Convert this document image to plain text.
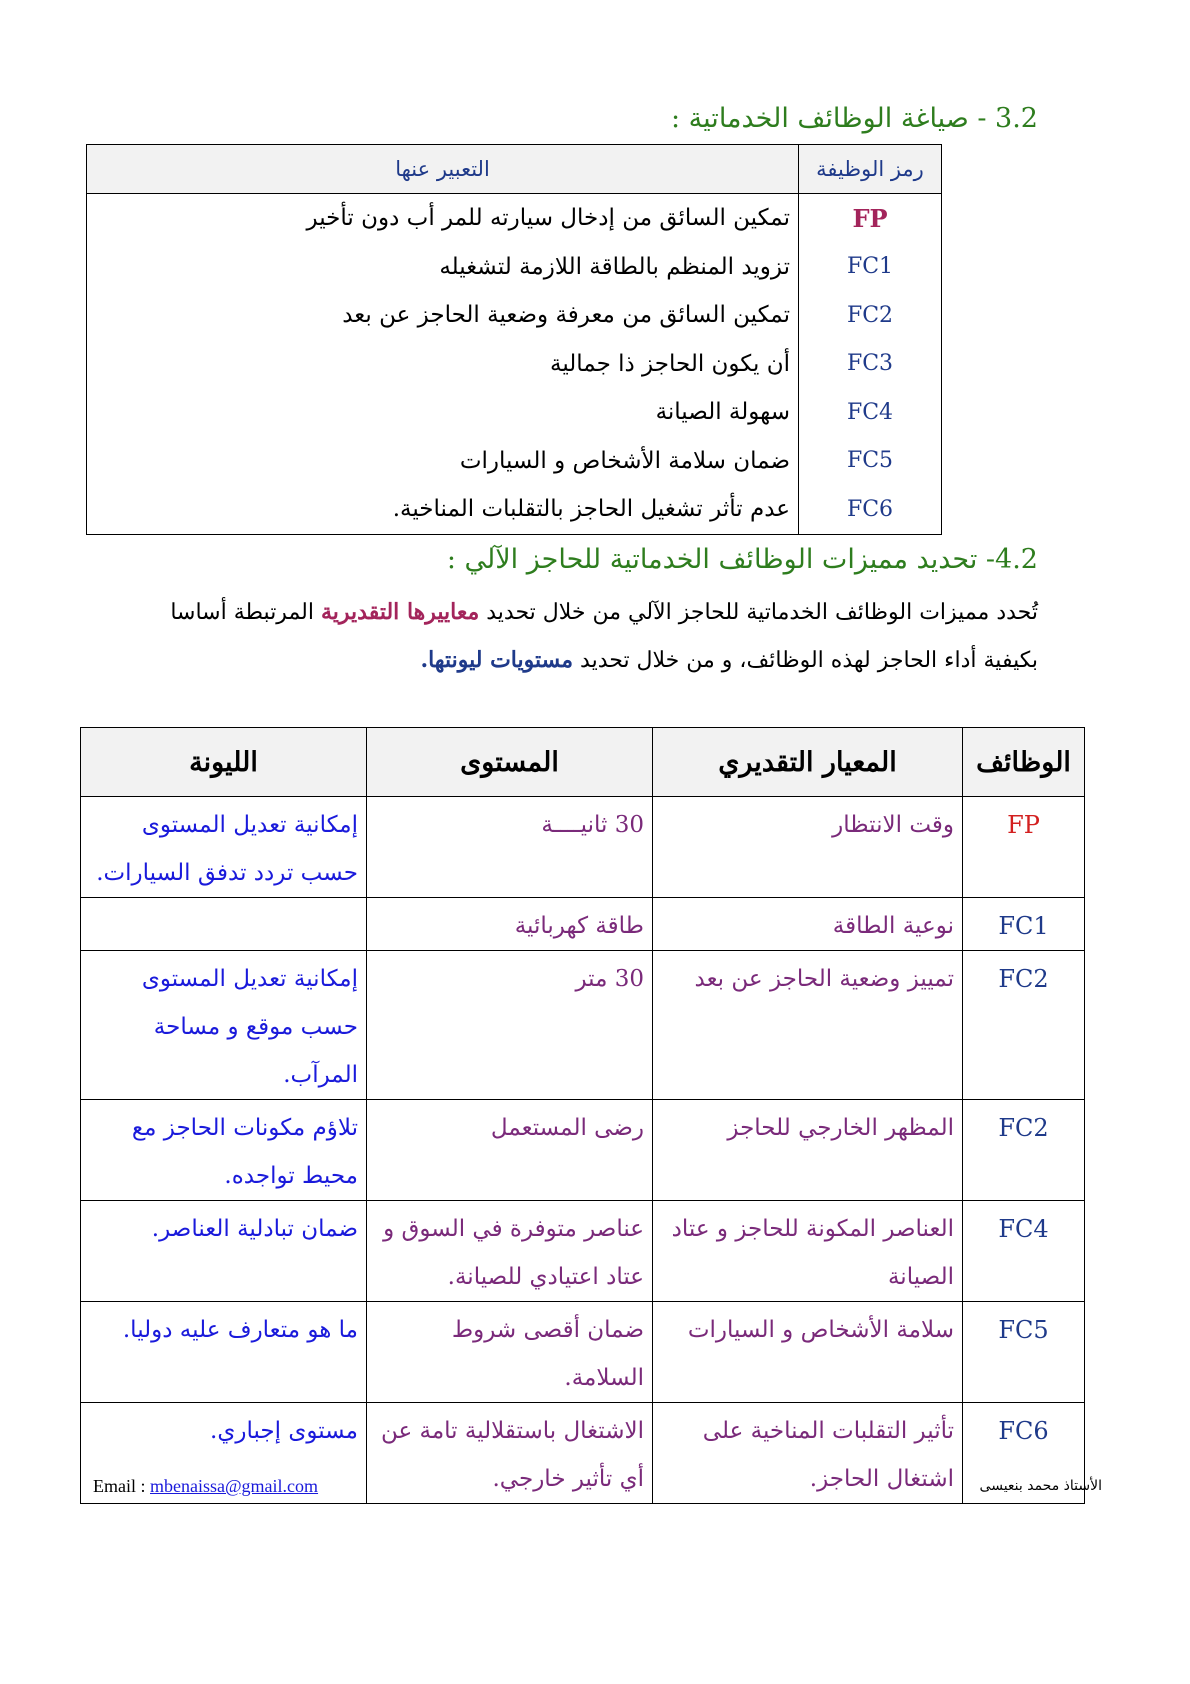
3.2 - صياغة الوظائف الخدماتية :
رمز الوظيفة	التعبير عنها
FP	تمكين السائق من إدخال سيارته للمر أب دون تأخير
FC1	تزويد المنظم بالطاقة اللازمة لتشغيله
FC2	تمكين السائق من معرفة وضعية الحاجز عن بعد
FC3	أن يكون الحاجز ذا جمالية
FC4	سهولة الصيانة
FC5	ضمان سلامة الأشخاص و السيارات
FC6	عدم تأثر تشغيل الحاجز بالتقلبات المناخية.
4.2- تحديد مميزات الوظائف الخدماتية للحاجز الآلي :
تُحدد مميزات الوظائف الخدماتية للحاجز الآلي من خلال تحديد معاييرها التقديرية المرتبطة أساسا
بكيفية أداء الحاجز لهذه الوظائف، و من خلال تحديد مستويات ليونتها.
الوظائف	المعيار التقديري	المستوى	الليونة
FP	وقت الانتظار	30 ثانيــــة	إمكانية تعديل المستوى حسب تردد تدفق السيارات.
FC1	نوعية الطاقة	طاقة كهربائية	
FC2	تمييز وضعية الحاجز عن بعد	30 متر	إمكانية تعديل المستوى حسب موقع و مساحة المرآب.
FC2	المظهر الخارجي للحاجز	رضى المستعمل	تلاؤم مكونات الحاجز مع محيط تواجده.
FC4	العناصر المكونة للحاجز و عتاد الصيانة	عناصر متوفرة في السوق و عتاد اعتيادي للصيانة.	ضمان تبادلية العناصر.
FC5	سلامة الأشخاص و السيارات	ضمان أقصى شروط السلامة.	ما هو متعارف عليه دوليا.
FC6	تأثير التقلبات المناخية على اشتغال الحاجز.	الاشتغال باستقلالية تامة عن أي تأثير خارجي.	مستوى إجباري.
Email : mbenaissa@gmail.com	الأستاذ محمد بنعيسى
